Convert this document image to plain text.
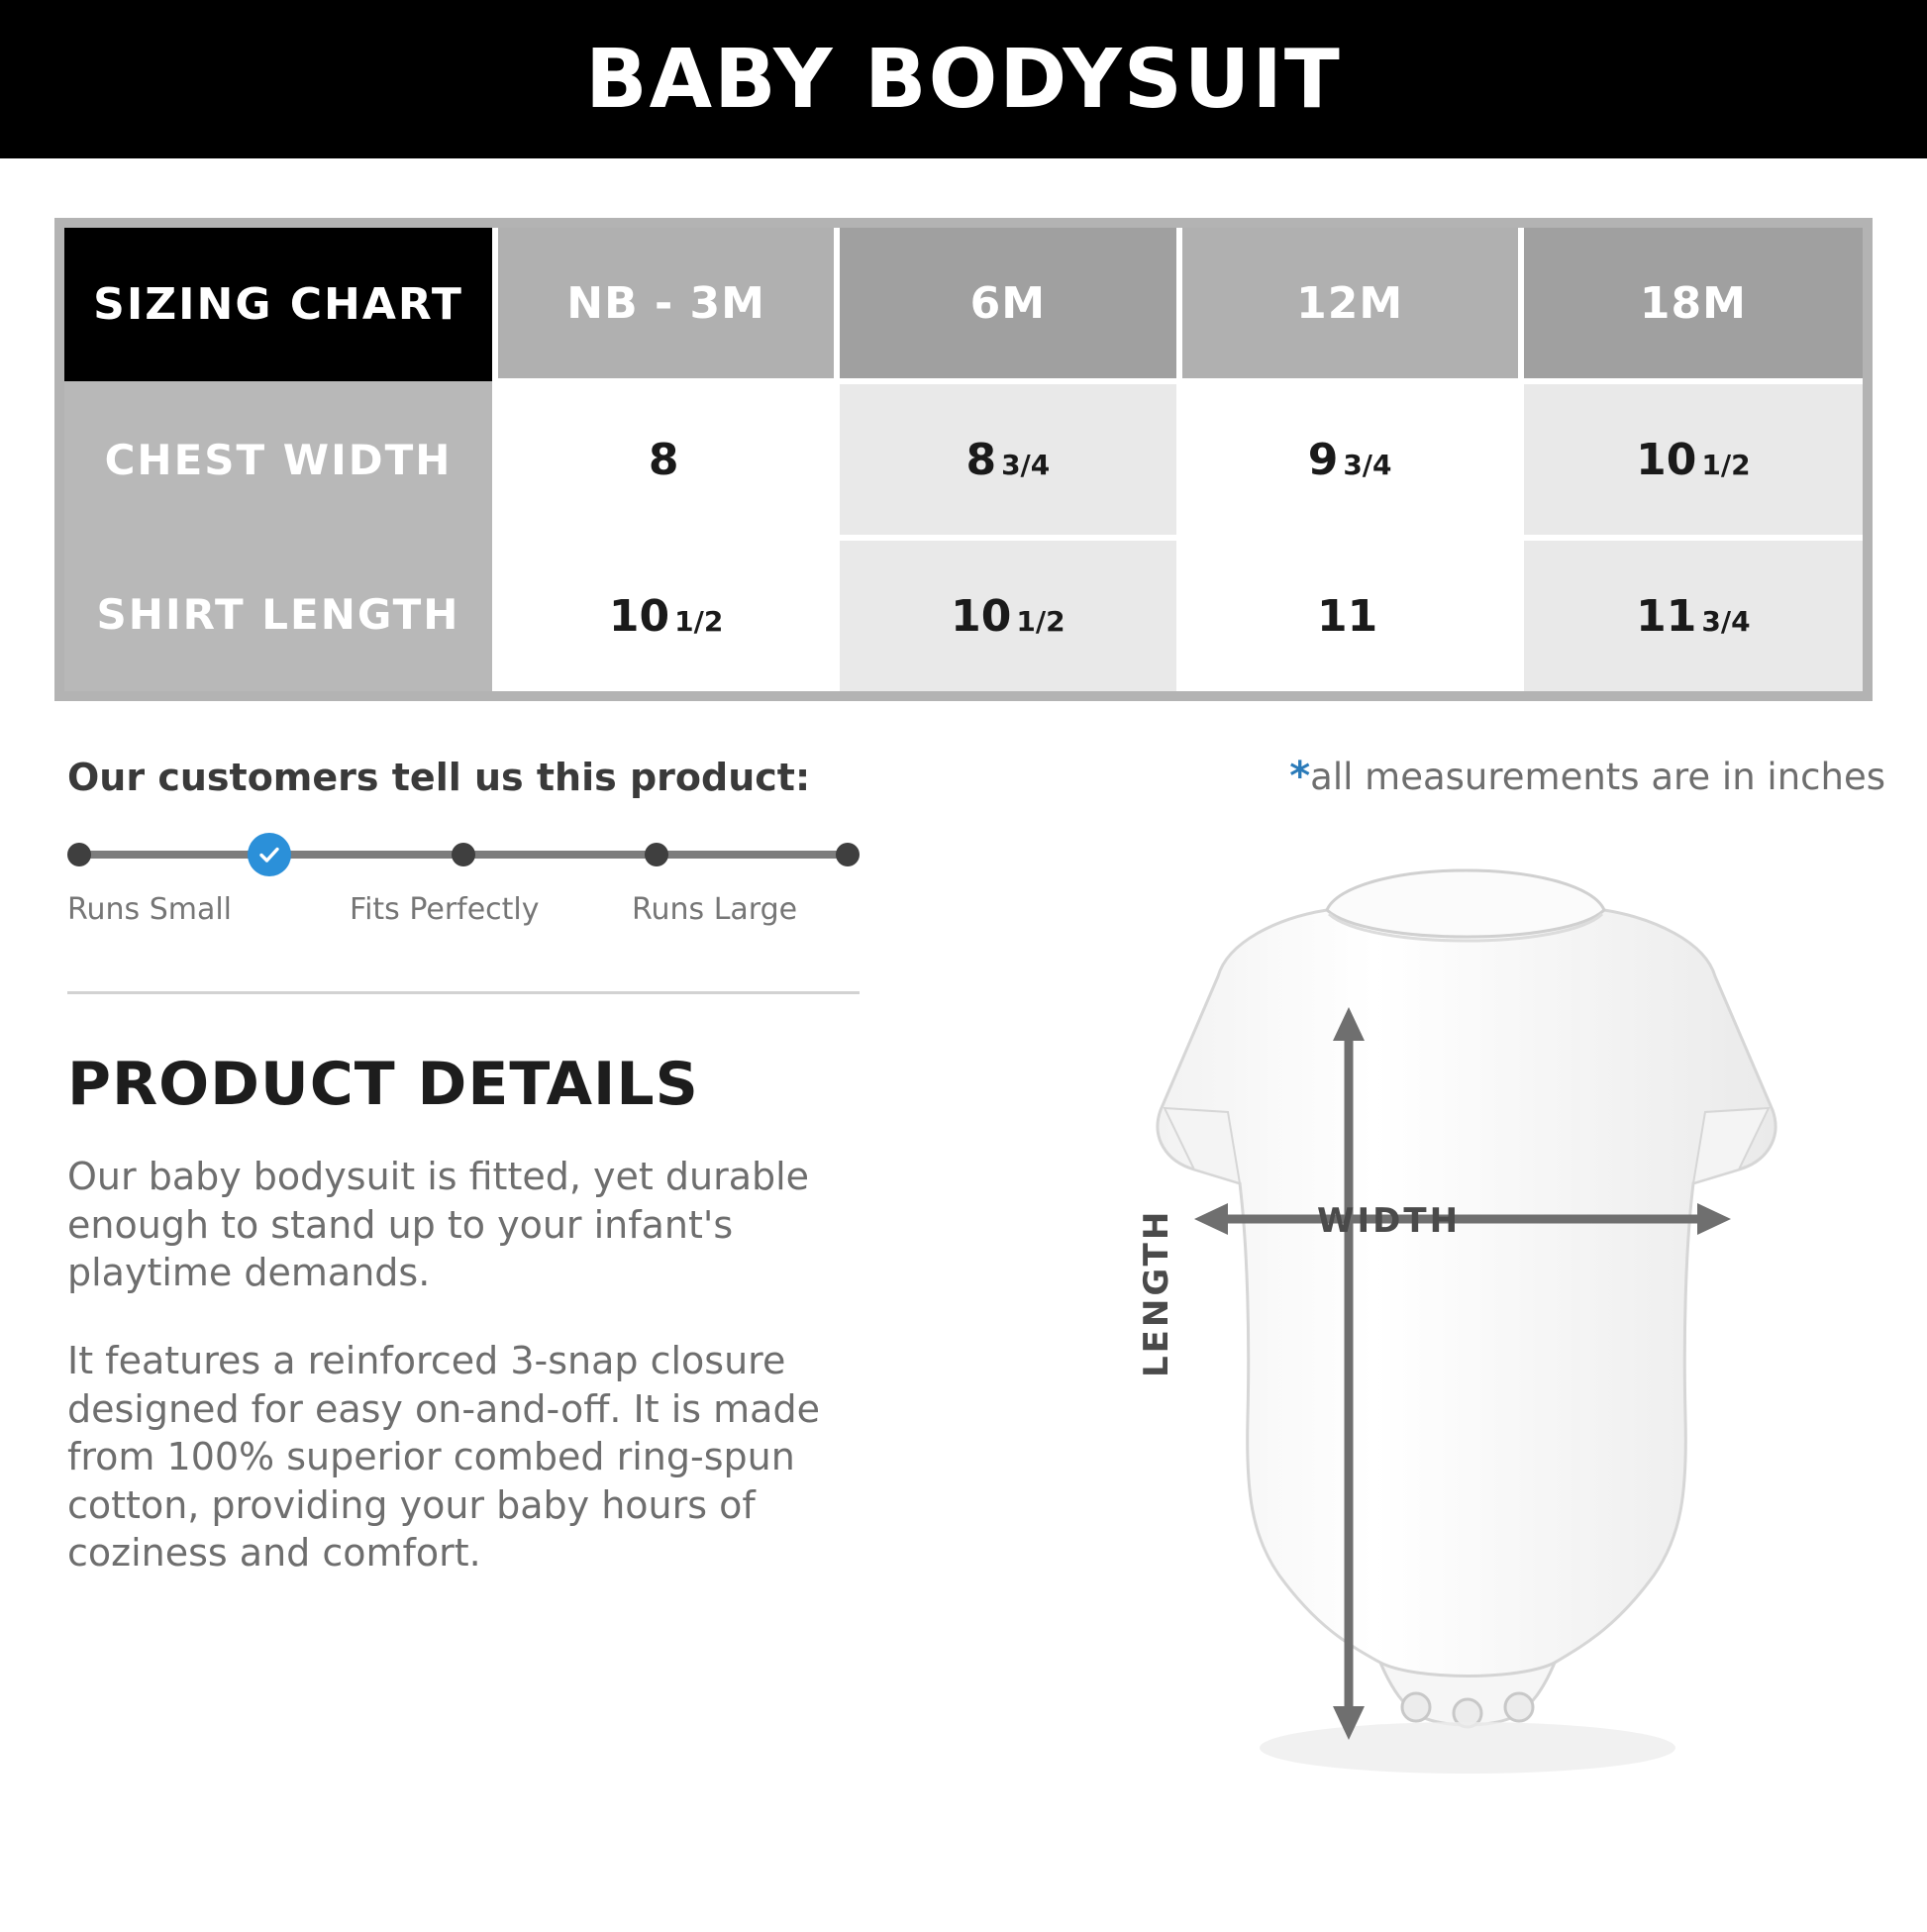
BABY BODYSUIT
SIZING CHART	NB - 3M	6M	12M	18M
CHEST WIDTH	8	8 3/4	9 3/4	10 1/2
SHIRT LENGTH	10 1/2	10 1/2	11	11 3/4
Our customers tell us this product:
Runs Small	Fits Perfectly	Runs Large
PRODUCT DETAILS

Our baby bodysuit is fitted, yet durable enough to stand up to your infant's playtime demands.

It features a reinforced 3-snap closure designed for easy on-and-off. It is made from 100% superior combed ring-spun cotton, providing your baby hours of coziness and comfort.

*all measurements are in inches
WIDTH
LENGTH
